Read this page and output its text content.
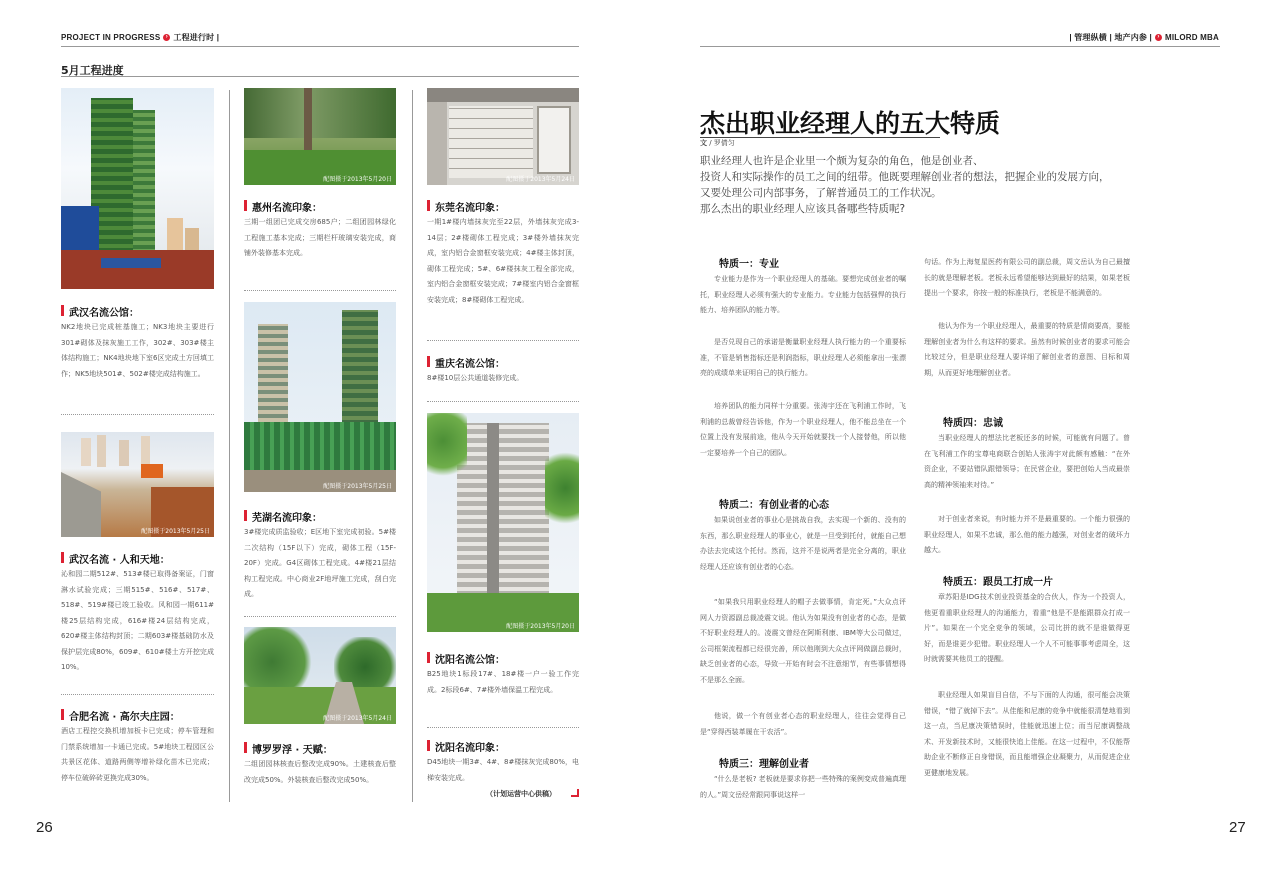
PROJECT IN PROGRESS › 工程进行时 |
5月工程进度
| 管理纵横 | 地产内参 | › MILORD MBA
武汉名流公馆：
NK2地块已完成桩基施工；NK3地块主要进行301#砌体及抹灰施工工作，302#、303#楼主体结构施工；NK4地块地下室6区完成土方回填工作；NK5地块501#、502#楼完成结构施工。
配图摄于2013年5月25日
武汉名流 · 人和天地：
沁和园二期512#、513#楼已取得备案证，门窗淋水试验完成；三期515#、516#、517#、518#、519#楼已竣工验收。风和园一期611#楼25层结构完成，616#楼24层结构完成，620#楼主体结构封顶；二期603#楼基础防水及保护层完成80%，609#、610#楼土方开挖完成10%。
合肥名流 · 高尔夫庄园：
酒店工程控交换机增加板卡已完成；停车管理和门禁系统增加一卡通已完成。5#地块工程园区公共景区花体、道路两侧等增补绿化苗木已完成；停车位破碎砖更换完成30%。
配图摄于2013年5月20日
惠州名流印象：
三期一组团已完成交房685户；二组团园林绿化工程施工基本完成；三期栏杆玻璃安装完成，商铺外装修基本完成。
配图摄于2013年5月25日
芜湖名流印象：
3#楼完成质监验收；E区地下室完成初验。5#楼二次结构（15F以下）完成，砌体工程（15F-20F）完成。G4区砌体工程完成。4#楼21层结构工程完成。中心商业2F地坪施工完成，刮白完成。
配图摄于2013年5月24日
博罗罗浮 · 天赋：
二组团园林核查后整改完成90%。土建核查后整改完成50%。外装核查后整改完成50%。
配图摄于2013年5月24日
东莞名流印象：
一期1#楼内墙抹灰完至22层，外墙抹灰完成3-14层；2#楼砌体工程完成；3#楼外墙抹灰完成，室内铝合金窗框安装完成；4#楼主体封顶，砌体工程完成；5#、6#楼抹灰工程全部完成，室内铝合金窗框安装完成；7#楼室内铝合金窗框安装完成；8#楼砌体工程完成。
重庆名流公馆：
8#楼10层公共通道装修完成。
配图摄于2013年5月20日
沈阳名流公馆：
B25地块1标段17#、18#楼一户一验工作完成。2标段6#、7#楼外墙保温工程完成。
沈阳名流印象：
D45地块一期3#、4#、8#楼抹灰完成80%，电梯安装完成。
（计划运营中心供稿）
杰出职业经理人的五大特质
文 / 罗倩匀
职业经理人也许是企业里一个颇为复杂的角色，他是创业者、
投资人和实际操作的员工之间的纽带。他既要理解创业者的想法，把握企业的发展方向，
又要处理公司内部事务，了解普通员工的工作状况。
那么杰出的职业经理人应该具备哪些特质呢?
特质一：专业
专业能力是作为一个职业经理人的基础。要想完成创业者的嘱托，职业经理人必须有强大的专业能力。专业能力包括强悍的执行能力、培养团队的能力等。
是否兑现自己的承诺是衡量职业经理人执行能力的一个重要标准，不管是销售指标还是利润指标，职业经理人必须能拿出一张漂亮的成绩单来证明自己的执行能力。
培养团队的能力同样十分重要。张涛宇还在飞利浦工作时，飞利浦的总裁曾经告诉他，作为一个职业经理人，他不能总坐在一个位置上没有发展前途，他从今天开始就要找一个人接替他，所以他一定要培养一个自己的团队。
特质二：有创业者的心态
如果说创业者的事业心是挑战自我，去实现一个新的、没有的东西，那么职业经理人的事业心，就是一旦受到托付，就能自己想办法去完成这个托付。然而，这并不是说两者是完全分离的，职业经理人还应该有创业者的心态。
“如果我只用职业经理人的帽子去做事情，肯定死。”大众点评网人力资源副总裁凌震文说。他认为如果没有创业者的心态，是做不好职业经理人的。凌震文曾经在阿斯利康、IBM等大公司做过，公司框架流程都已经很完善，所以他刚到大众点评网做副总裁时，缺乏创业者的心态，导致一开始有时会不注意细节，有些事情想得不是那么全面。
他说，做一个有创业者心态的职业经理人，往往会觉得自己是“穿得西装革履在干农活”。
特质三：理解创业者
“什么是老板? 老板就是要求你把一些特殊的案例变成普遍真理的人。”周文岳经常跟同事说这样一
句话。作为上海复星医药有限公司的副总裁，周文岳认为自己最擅长的就是理解老板。老板永远希望能够达到最好的结果，如果老板提出一个要求，你按一般的标准执行，老板是不能满意的。
他认为作为一个职业经理人，最重要的特质是情商要高，要能理解创业者为什么有这样的要求。虽然有时候创业者的要求可能会比较过分，但是职业经理人要详细了解创业者的意图、目标和周期，从而更好地理解创业者。
特质四：忠诚
当职业经理人的想法比老板还多的时候，可能就有问题了。曾在飞利浦工作的宝尊电商联合创始人张涛宇对此颇有感触：“在外资企业，不要站错队跟错领导；在民营企业，要把创始人当成最崇高的精神领袖来对待。”
对于创业者来说，有时能力并不是最重要的。一个能力很强的职业经理人，如果不忠诚，那么他的能力越强，对创业者的破坏力越大。
特质五：跟员工打成一片
章苏阳是IDG技术创业投资基金的合伙人，作为一个投资人，他更看重职业经理人的沟通能力，看重“他是不是能跟群众打成一片”。如果在一个完全竞争的领域，公司比拼的就不是谁做得更好，而是谁更少犯错。职业经理人一个人不可能事事考虑周全，这时就需要其他员工的提醒。
职业经理人如果盲目自信，不与下面的人沟通，很可能会决策错误，“错了就掉下去”。从佳能和尼康的竞争中就能很清楚地看到这一点，当尼康决策错误时，佳能就迅速上位；而当尼康调整战术、开发新技术时，又能很快追上佳能。在这一过程中，不仅能帮助企业不断修正自身错误，而且能增强企业凝聚力，从而促进企业更健康地发展。
26	27
